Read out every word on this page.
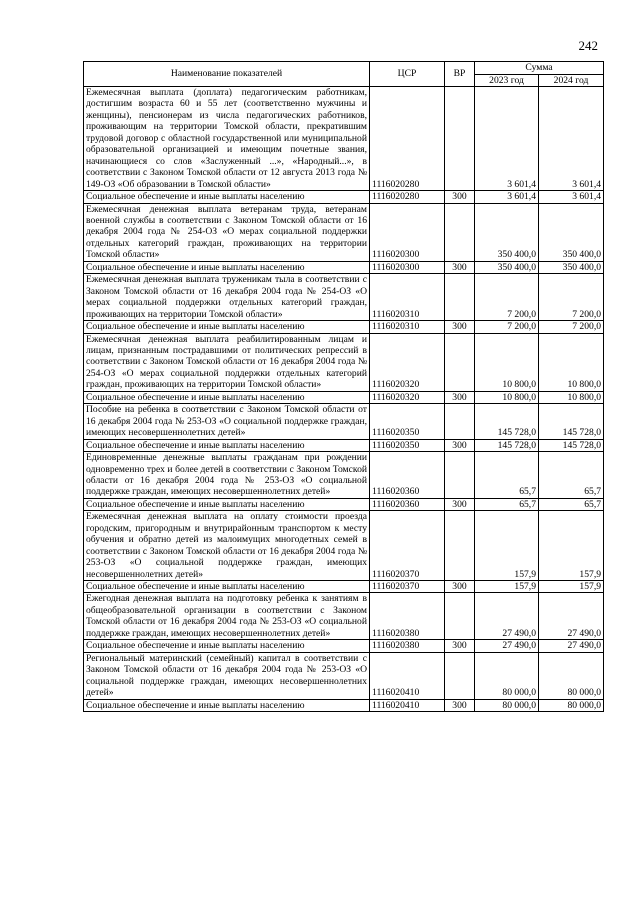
242
Наименование показателей	ЦСР	ВР	Сумма	
			2023 год	2024 год
Ежемесячная выплата (доплата) педагогическим работникам, достигшим возраста 60 и 55 лет (соответственно мужчины и женщины), пенсионерам из числа педагогических работников, проживающим на территории Томской области, прекратившим трудовой договор с областной государственной или муниципальной образовательной организацией и имеющим почетные звания, начинающиеся со слов «Заслуженный ...», «Народный...», в соответствии с Законом Томской области от 12 августа 2013 года № 149-ОЗ «Об образовании в Томской области»	1116020280		3 601,4	3 601,4
Социальное обеспечение и иные выплаты населению	1116020280	300	3 601,4	3 601,4
Ежемесячная денежная выплата ветеранам труда, ветеранам военной службы в соответствии с Законом Томской области от 16 декабря 2004 года № 254-ОЗ «О мерах социальной поддержки отдельных категорий граждан, проживающих на территории Томской области»	1116020300		350 400,0	350 400,0
Социальное обеспечение и иные выплаты населению	1116020300	300	350 400,0	350 400,0
Ежемесячная денежная выплата труженикам тыла в соответствии с Законом Томской области от 16 декабря 2004 года № 254-ОЗ «О мерах социальной поддержки отдельных категорий граждан, проживающих на территории Томской области»	1116020310		7 200,0	7 200,0
Социальное обеспечение и иные выплаты населению	1116020310	300	7 200,0	7 200,0
Ежемесячная денежная выплата реабилитированным лицам и лицам, признанным пострадавшими от политических репрессий в соответствии с Законом Томской области от 16 декабря 2004 года № 254-ОЗ «О мерах социальной поддержки отдельных категорий граждан, проживающих на территории Томской области»	1116020320		10 800,0	10 800,0
Социальное обеспечение и иные выплаты населению	1116020320	300	10 800,0	10 800,0
Пособие на ребенка в соответствии с Законом Томской области от 16 декабря 2004 года № 253-ОЗ «О социальной поддержке граждан, имеющих несовершеннолетних детей»	1116020350		145 728,0	145 728,0
Социальное обеспечение и иные выплаты населению	1116020350	300	145 728,0	145 728,0
Единовременные денежные выплаты гражданам при рождении одновременно трех и более детей в соответствии с Законом Томской области от 16 декабря 2004 года № 253-ОЗ «О социальной поддержке граждан, имеющих несовершеннолетних детей»	1116020360		65,7	65,7
Социальное обеспечение и иные выплаты населению	1116020360	300	65,7	65,7
Ежемесячная денежная выплата на оплату стоимости проезда городским, пригородным и внутрирайонным транспортом к месту обучения и обратно детей из малоимущих многодетных семей в соответствии с Законом Томской области от 16 декабря 2004 года № 253-ОЗ «О социальной поддержке граждан, имеющих несовершеннолетних детей»	1116020370		157,9	157,9
Социальное обеспечение и иные выплаты населению	1116020370	300	157,9	157,9
Ежегодная денежная выплата на подготовку ребенка к занятиям в общеобразовательной организации в соответствии с Законом Томской области от 16 декабря 2004 года № 253-ОЗ «О социальной поддержке граждан, имеющих несовершеннолетних детей»	1116020380		27 490,0	27 490,0
Социальное обеспечение и иные выплаты населению	1116020380	300	27 490,0	27 490,0
Региональный материнский (семейный) капитал в соответствии с Законом Томской области от 16 декабря 2004 года № 253-ОЗ «О социальной поддержке граждан, имеющих несовершеннолетних детей»	1116020410		80 000,0	80 000,0
Социальное обеспечение и иные выплаты населению	1116020410	300	80 000,0	80 000,0
